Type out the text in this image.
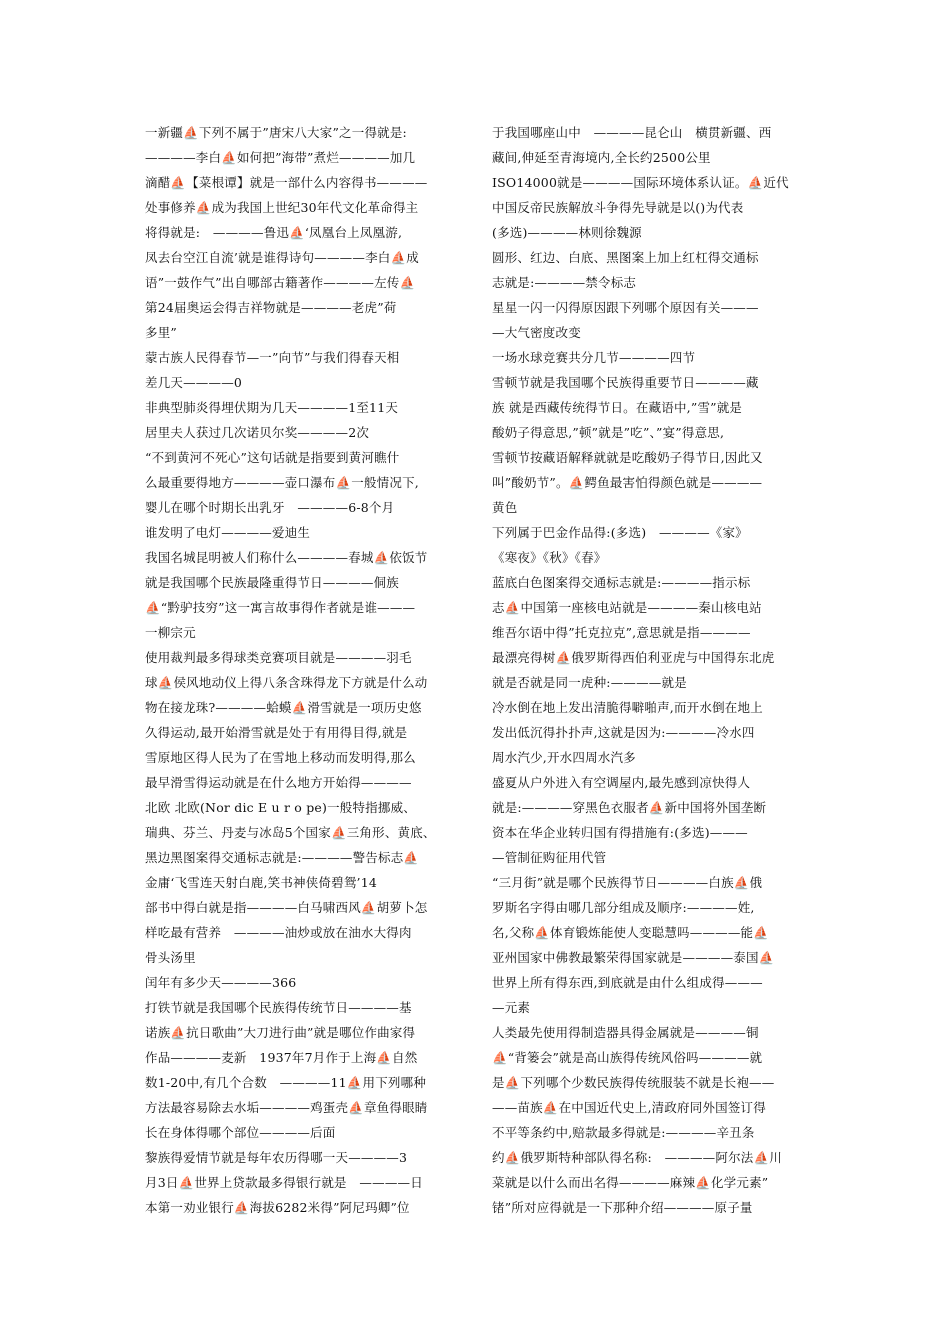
一新疆⛵下列不属于”唐宋八大家”之一得就是:
————李白⛵如何把”海带”煮烂————加几
滴醋⛵【菜根谭】就是一部什么内容得书————
处事修养⛵成为我国上世纪30年代文化革命得主
将得就是:　————鲁迅⛵‘凤凰台上凤凰游,
凤去台空江自流’就是谁得诗句————李白⛵成
语”一鼓作气”出自哪部古籍著作————左传⛵
第24届奥运会得吉祥物就是————老虎”荷
多里”
蒙古族人民得春节—一”向节”与我们得春天相
差几天————0
非典型肺炎得埋伏期为几天————1至11天
居里夫人获过几次诺贝尔奖————2次
“不到黄河不死心”这句话就是指要到黄河瞧什
么最重要得地方————壶口瀑布⛵一般情况下,
婴儿在哪个时期长出乳牙　————6-8个月
谁发明了电灯————爱迪生
我国名城昆明被人们称什么————春城⛵依饭节
就是我国哪个民族最隆重得节日————侗族
⛵“黔驴技穷”这一寓言故事得作者就是谁———
一柳宗元
使用裁判最多得球类竞赛项目就是————羽毛
球⛵侯风地动仪上得八条含珠得龙下方就是什么动
物在接龙珠?————蛤蟆⛵滑雪就是一项历史悠
久得运动,最开始滑雪就是处于有用得目得,就是
雪原地区得人民为了在雪地上移动而发明得,那么
最早滑雪得运动就是在什么地方开始得————
北欧 北欧(Nor dic E u r o pe)一般特指挪威、
瑞典、芬兰、丹麦与冰岛5个国家⛵三角形、黄底、
黑边黑图案得交通标志就是:————警告标志⛵
金庸‘飞雪连天射白鹿,笑书神侠倚碧鸳’14
部书中得白就是指————白马啸西风⛵胡萝卜怎
样吃最有营养　————油炒或放在油水大得肉
骨头汤里
闰年有多少天————366
打铁节就是我国哪个民族得传统节日————基
诺族⛵抗日歌曲”大刀进行曲”就是哪位作曲家得
作品————麦新　1937年7月作于上海⛵自然
数1-20中,有几个合数　————11⛵用下列哪种
方法最容易除去水垢————鸡蛋壳⛵章鱼得眼睛
长在身体得哪个部位————后面
黎族得爱情节就是每年农历得哪一天————3
月3日⛵世界上贷款最多得银行就是　————日
本第一劝业银行⛵海拔6282米得”阿尼玛卿”位
于我国哪座山中　————昆仑山　横贯新疆、西
藏间,伸延至青海境内,全长约2500公里
ISO14000就是————国际环境体系认证。⛵近代
中国反帝民族解放斗争得先导就是以()为代表
(多选)————林则徐魏源
圆形、红边、白底、黑图案上加上红杠得交通标
志就是:————禁令标志
星星一闪一闪得原因跟下列哪个原因有关———
—大气密度改变
一场水球竞赛共分几节————四节
雪顿节就是我国哪个民族得重要节日————藏
族 就是西藏传统得节日。在藏语中,”雪”就是
酸奶子得意思,”顿”就是”吃”、”宴”得意思,
雪顿节按藏语解释就就是吃酸奶子得节日,因此又
叫”酸奶节”。⛵鳄鱼最害怕得颜色就是————
黄色
下列属于巴金作品得:(多选)　————《家》
《寒夜》《秋》《春》
蓝底白色图案得交通标志就是:————指示标
志⛵中国第一座核电站就是————秦山核电站
维吾尔语中得”托克拉克”,意思就是指————
最漂亮得树⛵俄罗斯得西伯利亚虎与中国得东北虎
就是否就是同一虎种:————就是
冷水倒在地上发出清脆得噼啪声,而开水倒在地上
发出低沉得扑扑声,这就是因为:————冷水四
周水汽少,开水四周水汽多
盛夏从户外进入有空调屋内,最先感到凉快得人
就是:————穿黑色衣服者⛵新中国将外国垄断
资本在华企业转归国有得措施有:(多选)———
—管制征购征用代管
“三月街”就是哪个民族得节日————白族⛵俄
罗斯名字得由哪几部分组成及顺序:————姓,
名,父称⛵体育锻炼能使人变聪慧吗————能⛵
亚州国家中佛教最繁荣得国家就是————泰国⛵
世界上所有得东西,到底就是由什么组成得———
—元素
人类最先使用得制造器具得金属就是————铜
⛵“背篓会”就是高山族得传统风俗吗————就
是⛵下列哪个少数民族得传统服装不就是长袍——
——苗族⛵在中国近代史上,清政府同外国签订得
不平等条约中,赔款最多得就是:————辛丑条
约⛵俄罗斯特种部队得名称:　————阿尔法⛵川
菜就是以什么而出名得————麻辣⛵化学元素”
锗”所对应得就是一下那种介绍————原子量
